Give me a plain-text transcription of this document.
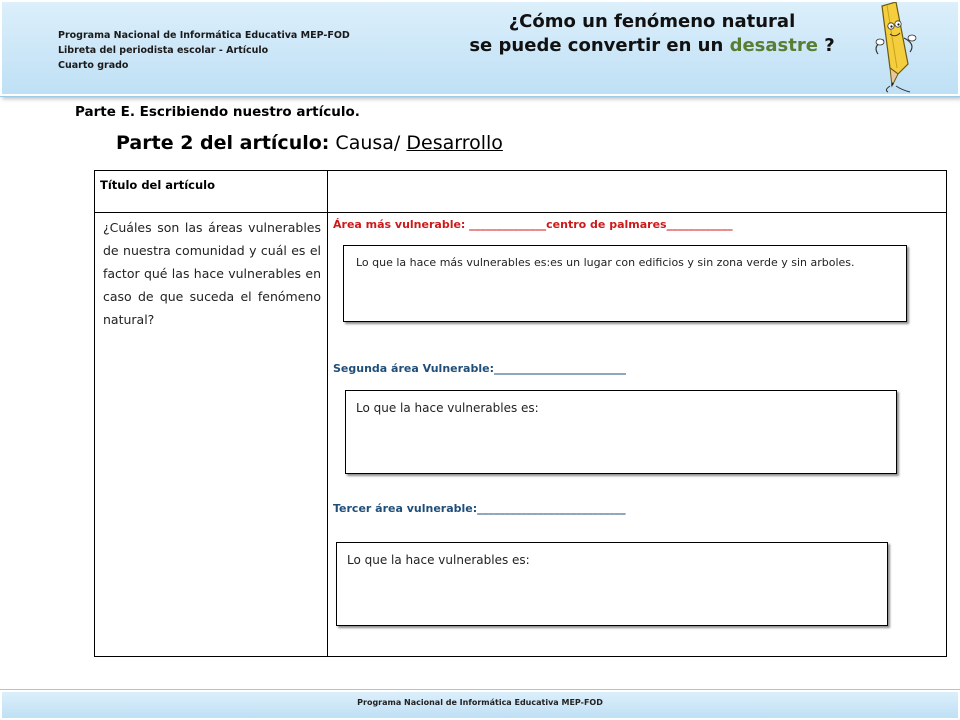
Programa Nacional de Informática Educativa MEP-FOD
Libreta del periodista escolar - Artículo
Cuarto grado
¿Cómo un fenómeno natural
se puede convertir en un desastre ?
Parte E. Escribiendo nuestro artículo.
Parte 2 del artículo: Causa/ Desarrollo
Título del artículo
¿Cuáles son las áreas vulnerables de nuestra comunidad y cuál es el factor qué las hace vulnerables en caso de que suceda el fenómeno natural?
Área más vulnerable: ______________centro de palmares____________
Lo que la hace más vulnerables es:es un lugar con edificios y sin zona verde y sin arboles.
Segunda área Vulnerable:________________________
Lo que la hace vulnerables es:
Tercer área vulnerable:___________________________
Lo que la hace vulnerables es:
Programa Nacional de Informática Educativa MEP-FOD
